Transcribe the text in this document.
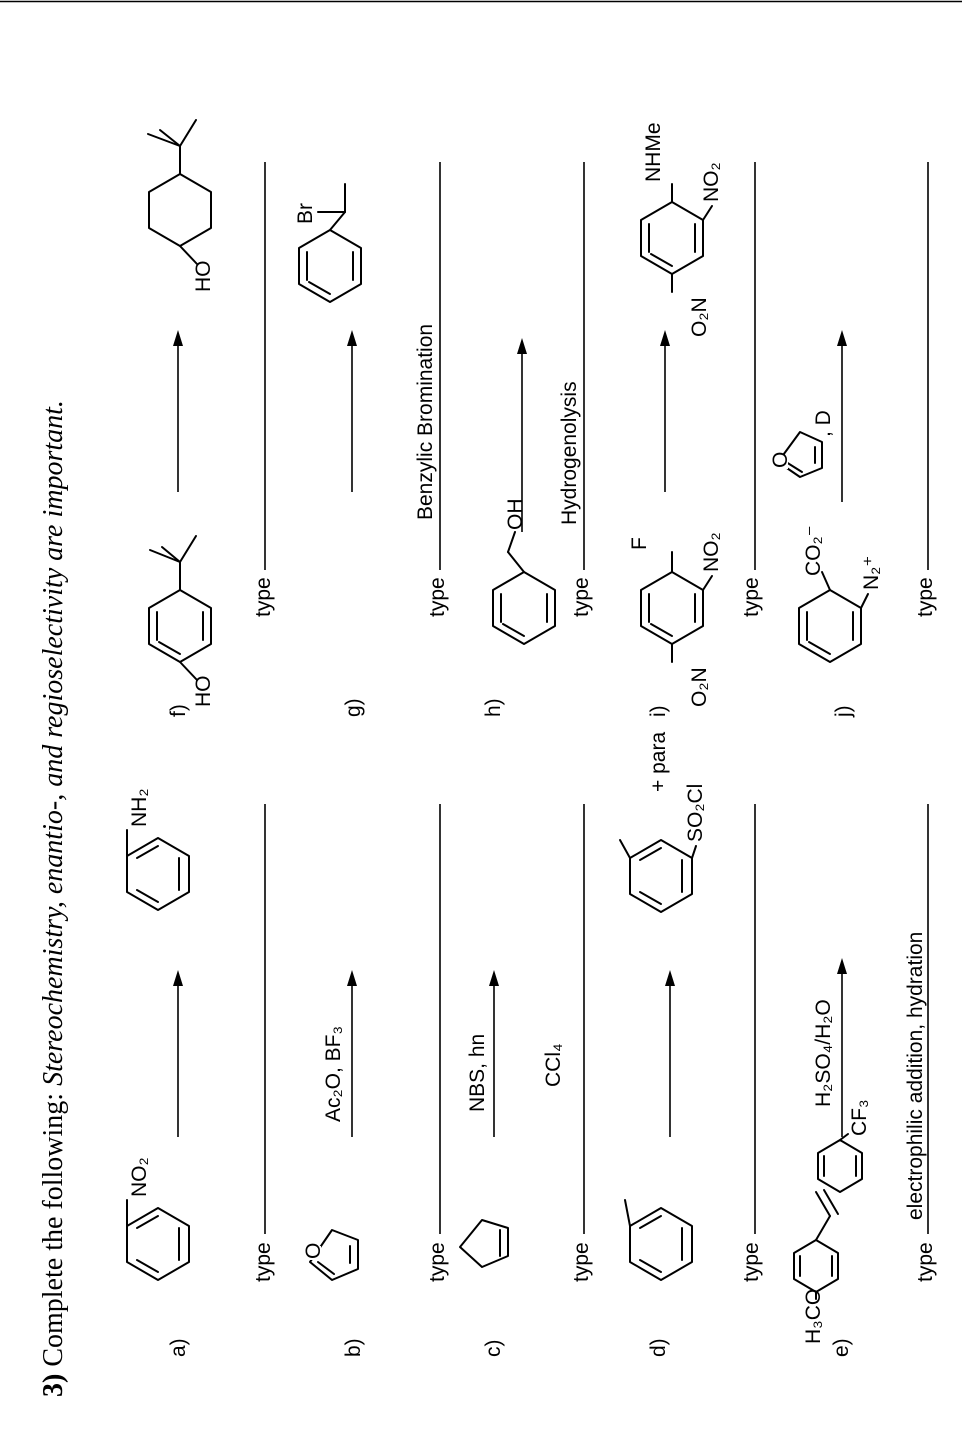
3) Complete the following: Stereochemistry, enantio-, and regioselectivity are important.
a)	b)	c)	d)	e)
f)	g)	h)	i)	j)
type	type	type	type	type
electrophilic addition, hydration
type	type
Benzylic Bromination
type
Hydrogenolysis
type	type
Ac₂O, BF₃	NBS, hn	CCl₄	H₂SO₄/H₂O
, D
NO₂
NH₂
O
SO₂Cl
+ para
H₃CO
CF₃
HO
HO
Br
OH
O₂N
F NO₂
O₂N
NHMe
NO₂
CO₂⁻ N₂⁺
O
